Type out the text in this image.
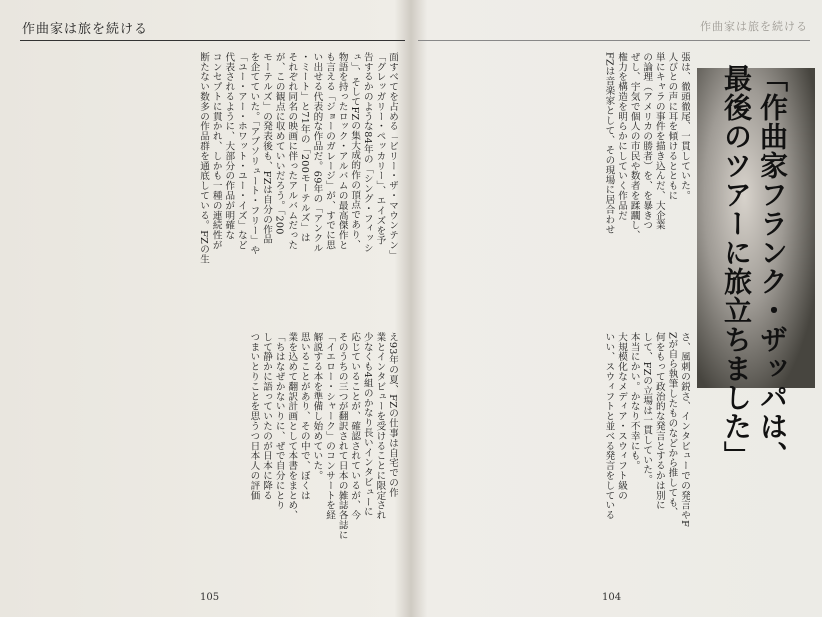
作曲家は旅を続ける
面すべてを占める「ビリー・ザ・マウンテン」
「グレッガリー・ペッカリー」、エイズを予
告するかのような84年の「シング・フィッシ
ュ」、そしてFZの集大成的作の頂点であり、
物語を持ったロック・アルバムの最高傑作と
も言える「ジョーのガレージ」が、すでに思
い出せる代表的な作品だ。69年の「アンクル
・ミート」と71年の「200モーテルズ」は
それぞれ同名の映画に伴ったアルバムだった
が、この観点に収めていいだろう。「200
モーテルズ」の発表後も、FZは自分の作品
を企てていた。「アブソリュート・フリー」や
「ユー・アー・ホワット・ユー・イズ」など
代表されるように、大部分の作品が明確な
コンセプトに貫かれ、しかも一種の連続性が
断たない数多の作品群を通底している。FZの生
え93年の夏、FZの仕事は自宅での作
業とインタビューを受けることに限定され
少なくも4組のかなり長いインタビューに
応じていることが、確認されているが、今
そのうちの三つが翻訳されて日本の雑誌各誌に
「イエロー・シャーク」のコンサートを経
解説する本を準備し始めていた。
思いることがあり、その中で、ぼくは
業を込めて翻訳計画として本書をまとめ、
「ちはなぜかないりに、ぜで自分にとり
して静かに語っていたのが日本に降る
つまいとりことを思うつ日本人の評価
105
作曲家は旅を続ける
「作曲家フランク・ザッパは、
最後のツアーに旅立ちました」
張は、徹頭徹尾、一貫していた。
人びとの声に耳を傾けるとともに
単にキャラの事件を描き込んだ、大企業
の論理（アメリカの勝者）を、を暴きつ
ぜし、宇気で個人の市民や数者を蹂躙し、
権力を構造を明らかにしていく作品だ
FZは音楽家として、その現場に居合わせ
さ、風刺の鋭さ、インタビューでの発言やF
Zが自ら執筆したものなどから推しても、
何をもって政治的な発言とするかは別に
して、FZの立場は一貫していた。
本当にかい。かなり不幸にも。
大規模化なメディア・スウィフト級の
いい、スウィフトと並べる発言をしている
104
